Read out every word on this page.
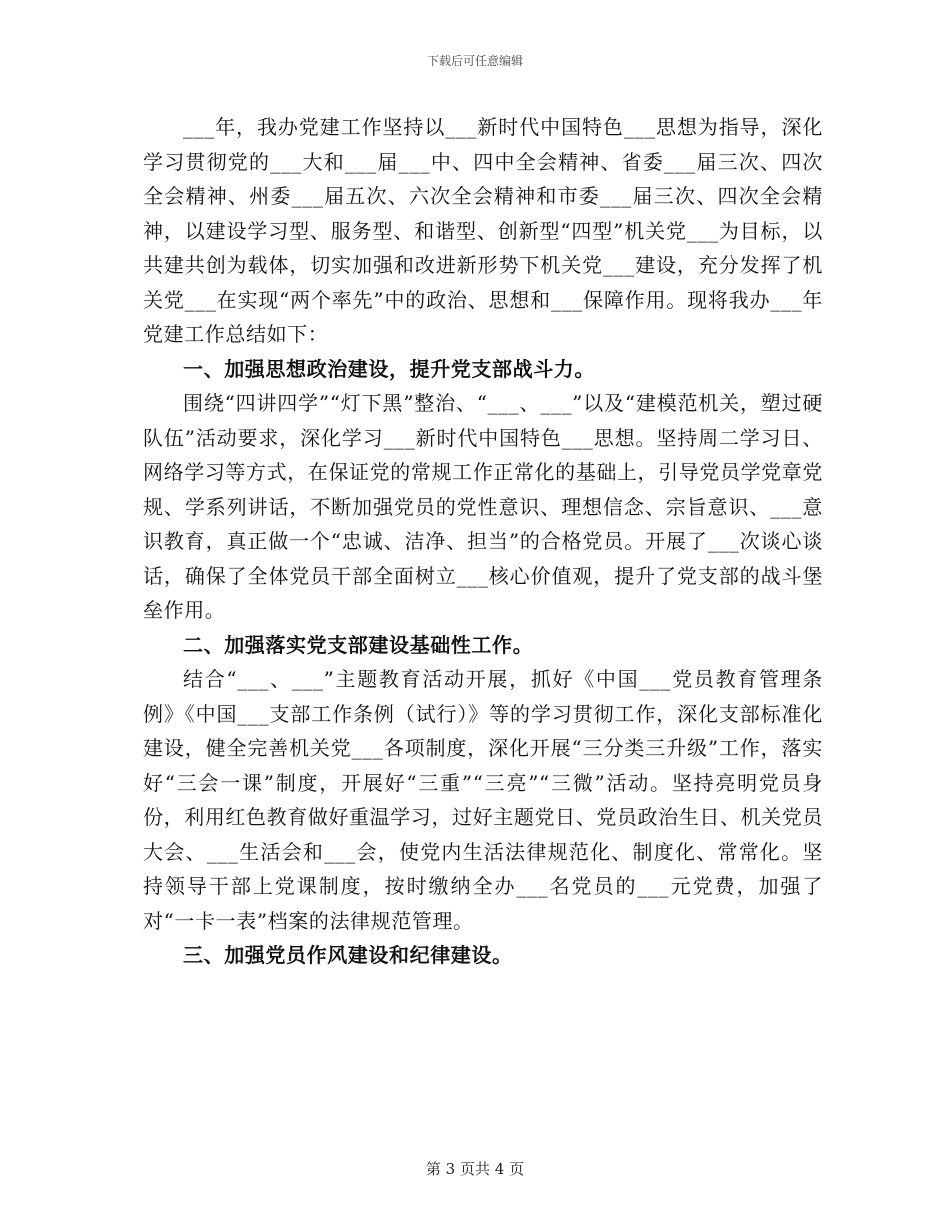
下载后可任意编辑

___年，我办党建工作坚持以___新时代中国特色___思想为指导，深化学习贯彻党的___大和___届___中、四中全会精神、省委___届三次、四次全会精神、州委___届五次、六次全会精神和市委___届三次、四次全会精神，以建设学习型、服务型、和谐型、创新型“四型”机关党___为目标，以共建共创为载体，切实加强和改进新形势下机关党___建设，充分发挥了机关党___在实现“两个率先”中的政治、思想和___保障作用。现将我办___年党建工作总结如下：

一、加强思想政治建设，提升党支部战斗力。

围绕“四讲四学”“灯下黑”整治、“___、___”以及“建模范机关，塑过硬队伍”活动要求，深化学习___新时代中国特色___思想。坚持周二学习日、网络学习等方式，在保证党的常规工作正常化的基础上，引导党员学党章党规、学系列讲话，不断加强党员的党性意识、理想信念、宗旨意识、___意识教育，真正做一个“忠诚、洁净、担当”的合格党员。开展了___次谈心谈话，确保了全体党员干部全面树立___核心价值观，提升了党支部的战斗堡垒作用。

二、加强落实党支部建设基础性工作。

结合“___、___”主题教育活动开展，抓好《中国___党员教育管理条例》《中国___支部工作条例（试行）》等的学习贯彻工作，深化支部标准化建设，健全完善机关党___各项制度，深化开展“三分类三升级”工作，落实好“三会一课”制度，开展好“三重”“三亮”“三微”活动。坚持亮明党员身份，利用红色教育做好重温学习，过好主题党日、党员政治生日、机关党员大会、___生活会和___会，使党内生活法律规范化、制度化、常常化。坚持领导干部上党课制度，按时缴纳全办___名党员的___元党费，加强了对“一卡一表”档案的法律规范管理。

三、加强党员作风建设和纪律建设。

第 3 页共 4 页
